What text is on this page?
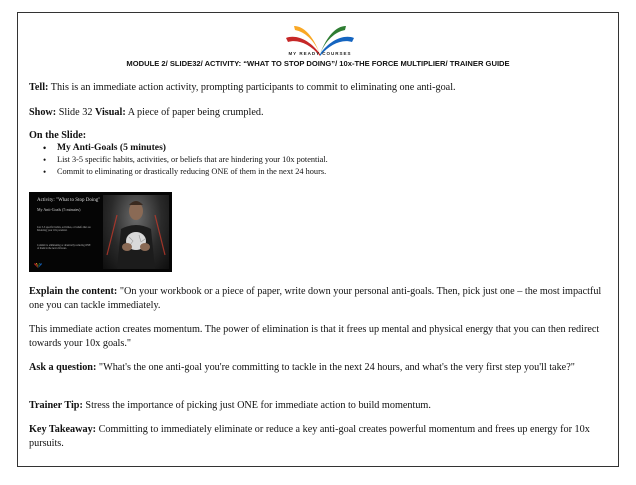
MY READY COURSES
MODULE 2/ SLIDE32/ ACTIVITY: “WHAT TO STOP DOING”/ 10x-THE FORCE MULTIPLIER/ TRAINER GUIDE
Tell: This is an immediate action activity, prompting participants to commit to eliminating one anti-goal.
Show: Slide 32 Visual: A piece of paper being crumpled.
On the Slide:
• My Anti-Goals (5 minutes)
• List 3-5 specific habits, activities, or beliefs that are hindering your 10x potential.
• Commit to eliminating or drastically reducing ONE of them in the next 24 hours.
Activity: "What to Stop Doing"
My Anti-Goals (5 minutes)
List 3-5 specific habits, activities, or beliefs that are hindering your 10x potential.
Commit to eliminating or drastically reducing ONE of them in the next 24 hours.
Explain the content: "On your workbook or a piece of paper, write down your personal anti-goals. Then, pick just one – the most impactful one you can tackle immediately.
This immediate action creates momentum. The power of elimination is that it frees up mental and physical energy that you can then redirect towards your 10x goals."
Ask a question: "What's the one anti-goal you're committing to tackle in the next 24 hours, and what's the very first step you'll take?"
Trainer Tip: Stress the importance of picking just ONE for immediate action to build momentum.
Key Takeaway: Committing to immediately eliminate or reduce a key anti-goal creates powerful momentum and frees up energy for 10x pursuits.
